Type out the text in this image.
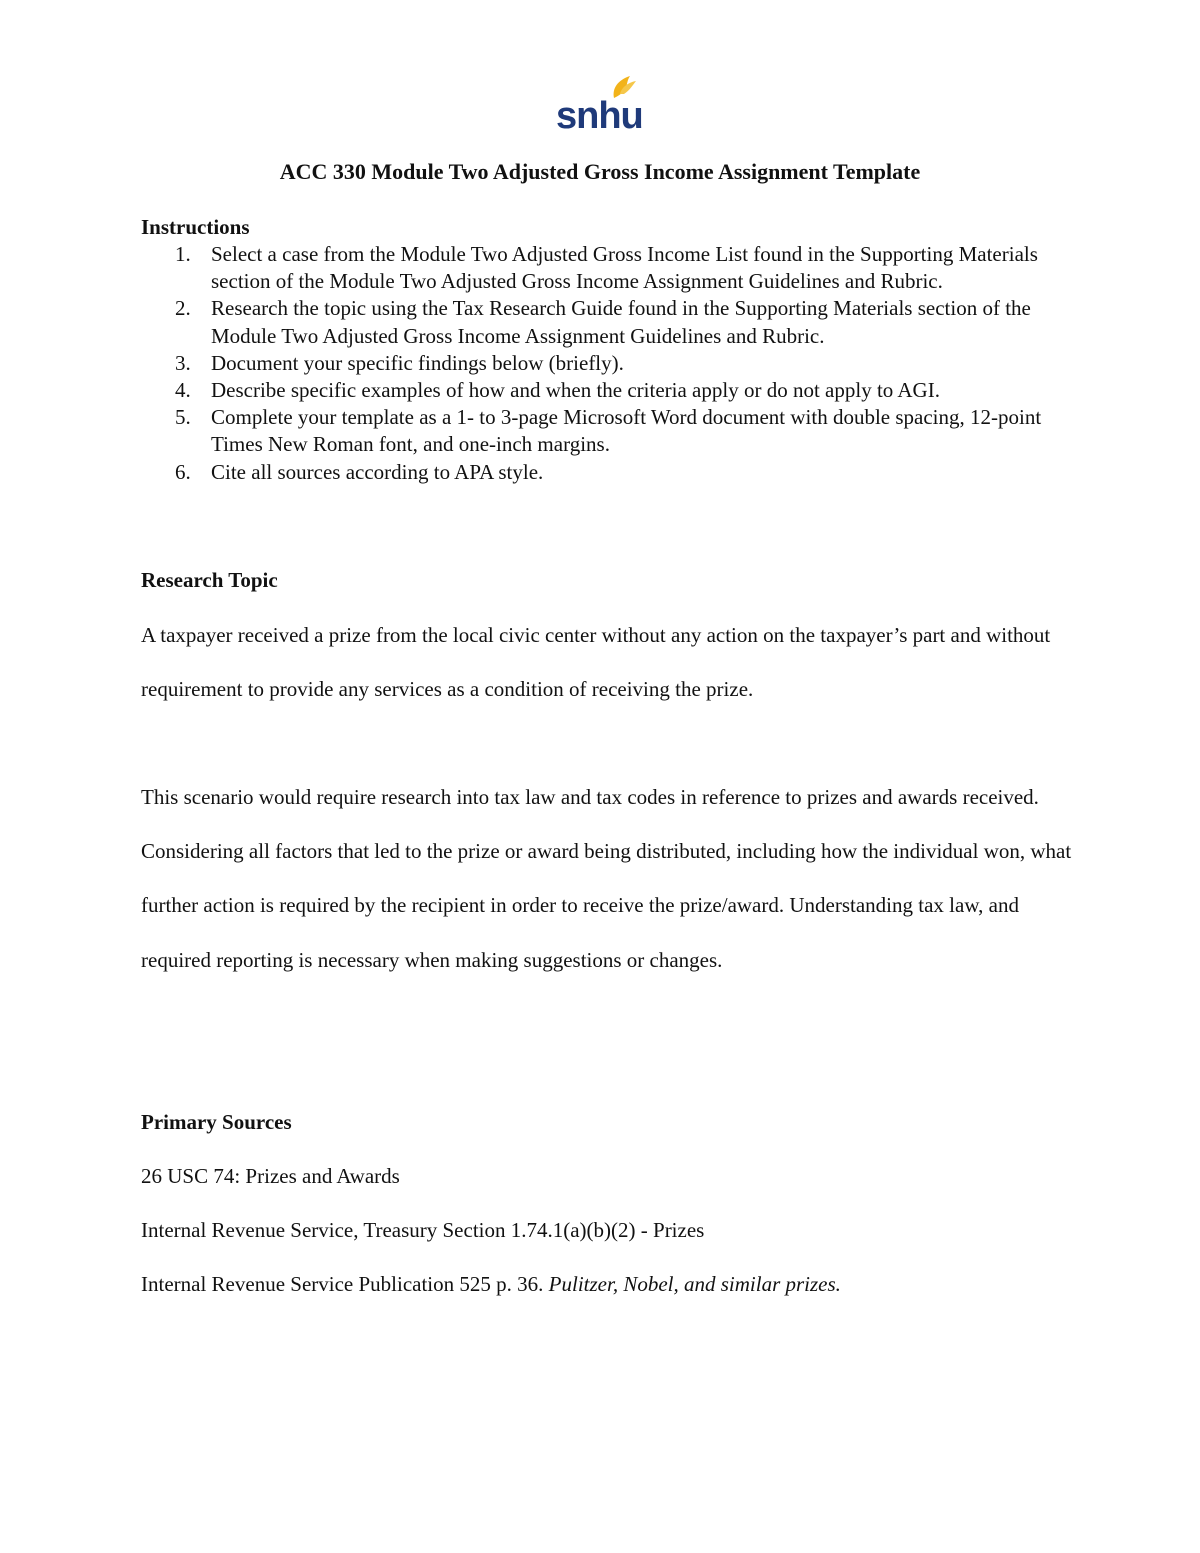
snhu
ACC 330 Module Two Adjusted Gross Income Assignment Template
Instructions
1. Select a case from the Module Two Adjusted Gross Income List found in the Supporting Materials section of the Module Two Adjusted Gross Income Assignment Guidelines and Rubric.
2. Research the topic using the Tax Research Guide found in the Supporting Materials section of the Module Two Adjusted Gross Income Assignment Guidelines and Rubric.
3. Document your specific findings below (briefly).
4. Describe specific examples of how and when the criteria apply or do not apply to AGI.
5. Complete your template as a 1- to 3-page Microsoft Word document with double spacing, 12-point Times New Roman font, and one-inch margins.
6. Cite all sources according to APA style.
Research Topic

A taxpayer received a prize from the local civic center without any action on the taxpayer’s part and without requirement to provide any services as a condition of receiving the prize.

This scenario would require research into tax law and tax codes in reference to prizes and awards received. Considering all factors that led to the prize or award being distributed, including how the individual won, what further action is required by the recipient in order to receive the prize/award. Understanding tax law, and required reporting is necessary when making suggestions or changes.

Primary Sources

26 USC 74: Prizes and Awards

Internal Revenue Service, Treasury Section 1.74.1(a)(b)(2) - Prizes

Internal Revenue Service Publication 525 p. 36. Pulitzer, Nobel, and similar prizes.
